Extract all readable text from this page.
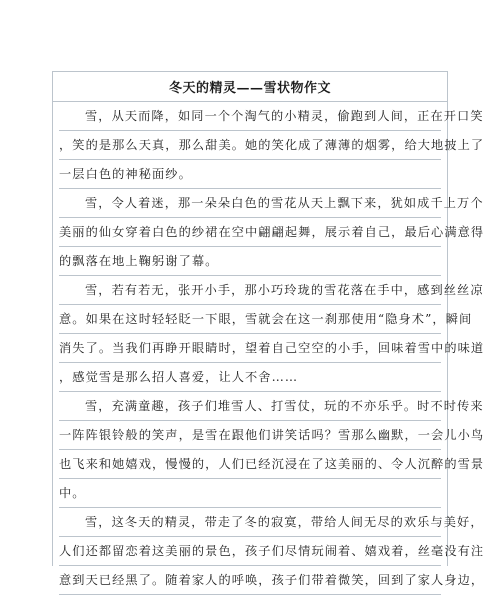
冬天的精灵——雪状物作文
雪，从天而降，如同一个个淘气的小精灵，偷跑到人间，正在开口笑
，笑的是那么天真，那么甜美。她的笑化成了薄薄的烟雾，给大地披上了
一层白色的神秘面纱。
雪，令人着迷，那一朵朵白色的雪花从天上飘下来，犹如成千上万个
美丽的仙女穿着白色的纱裙在空中翩翩起舞，展示着自己，最后心满意得
的飘落在地上鞠躬谢了幕。
雪，若有若无，张开小手，那小巧玲珑的雪花落在手中，感到丝丝凉
意。如果在这时轻轻眨一下眼，雪就会在这一刹那使用“隐身术”，瞬间
消失了。当我们再睁开眼睛时，望着自己空空的小手，回味着雪中的味道
，感觉雪是那么招人喜爱，让人不舍……
雪，充满童趣，孩子们堆雪人、打雪仗，玩的不亦乐乎。时不时传来
一阵阵银铃般的笑声，是雪在跟他们讲笑话吗？雪那么幽默，一会儿小鸟
也飞来和她嬉戏，慢慢的，人们已经沉浸在了这美丽的、令人沉醉的雪景
中。
雪，这冬天的精灵，带走了冬的寂寞，带给人间无尽的欢乐与美好，
人们还都留恋着这美丽的景色，孩子们尽情玩闹着、嬉戏着，丝毫没有注
意到天已经黑了。随着家人的呼唤，孩子们带着微笑，回到了家人身边，
